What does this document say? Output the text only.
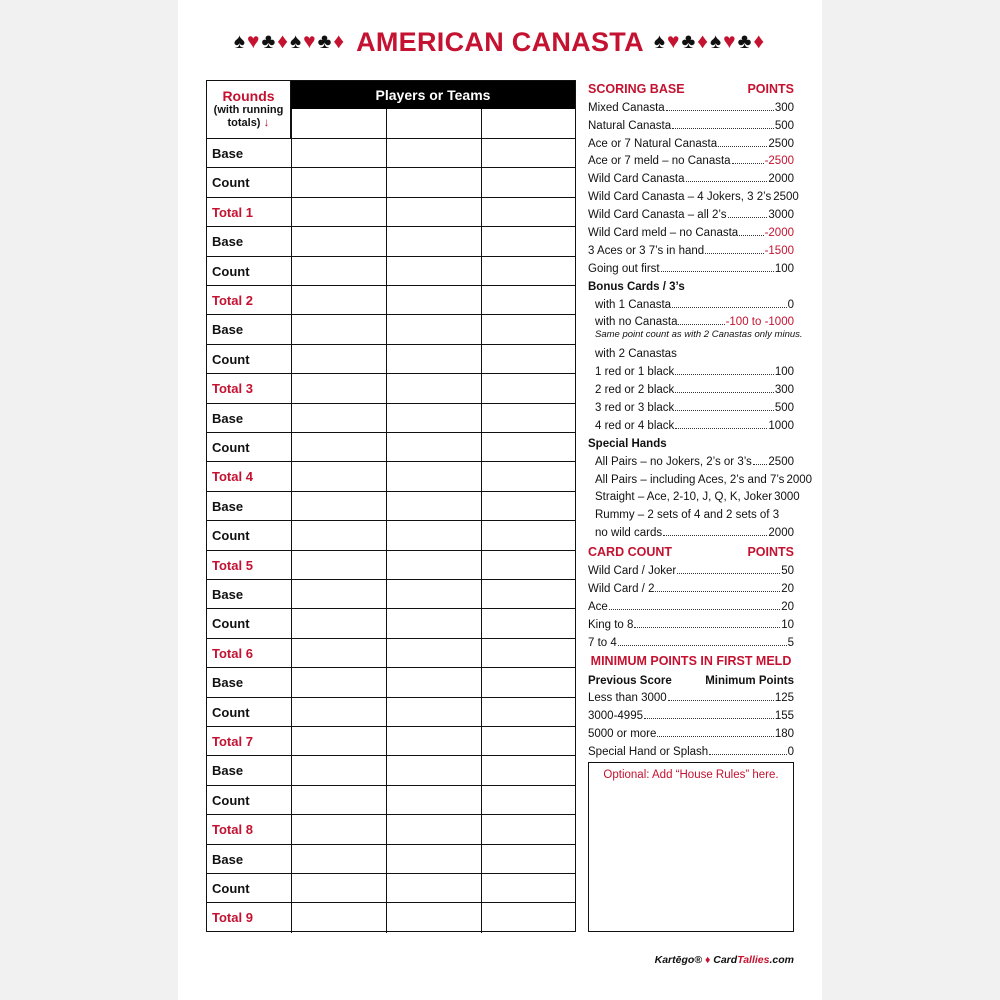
♠♥♣♦♠♥♣♦ AMERICAN CANASTA ♠♥♣♦♠♥♣♦
Rounds
(with running
totals) ↓
Players or Teams
Base
Count
Total 1
Base
Count
Total 2
Base
Count
Total 3
Base
Count
Total 4
Base
Count
Total 5
Base
Count
Total 6
Base
Count
Total 7
Base
Count
Total 8
Base
Count
Total 9
SCORING BASE	POINTS
Mixed Canasta	300
Natural Canasta	500
Ace or 7 Natural Canasta	2500
Ace or 7 meld – no Canasta	-2500
Wild Card Canasta	2000
Wild Card Canasta – 4 Jokers, 3 2’s 2500
Wild Card Canasta – all 2’s	3000
Wild Card meld – no Canasta -2000
3 Aces or 3 7’s in hand	-1500
Going out first	100
Bonus Cards / 3’s
with 1 Canasta	0
with no Canasta	-100 to -1000
Same point count as with 2 Canastas only minus.
with 2 Canastas
1 red or 1 black	100
2 red or 2 black	300
3 red or 3 black	500
4 red or 4 black	1000
Special Hands
All Pairs – no Jokers, 2’s or 3’s 2500
All Pairs – including Aces, 2’s and 7’s 2000
Straight – Ace, 2-10, J, Q, K, Joker 3000
Rummy – 2 sets of 4 and 2 sets of 3
no wild cards	2000
CARD COUNT	POINTS
Wild Card / Joker	50
Wild Card / 2	20
Ace	20
King to 8	10
7 to 4	5
MINIMUM POINTS IN FIRST MELD
Previous Score	Minimum Points
Less than 3000	125
3000-4995	155
5000 or more	180
Special Hand or Splash	0
Optional: Add “House Rules” here.
Kartēgo® ♦ CardTallies.com
